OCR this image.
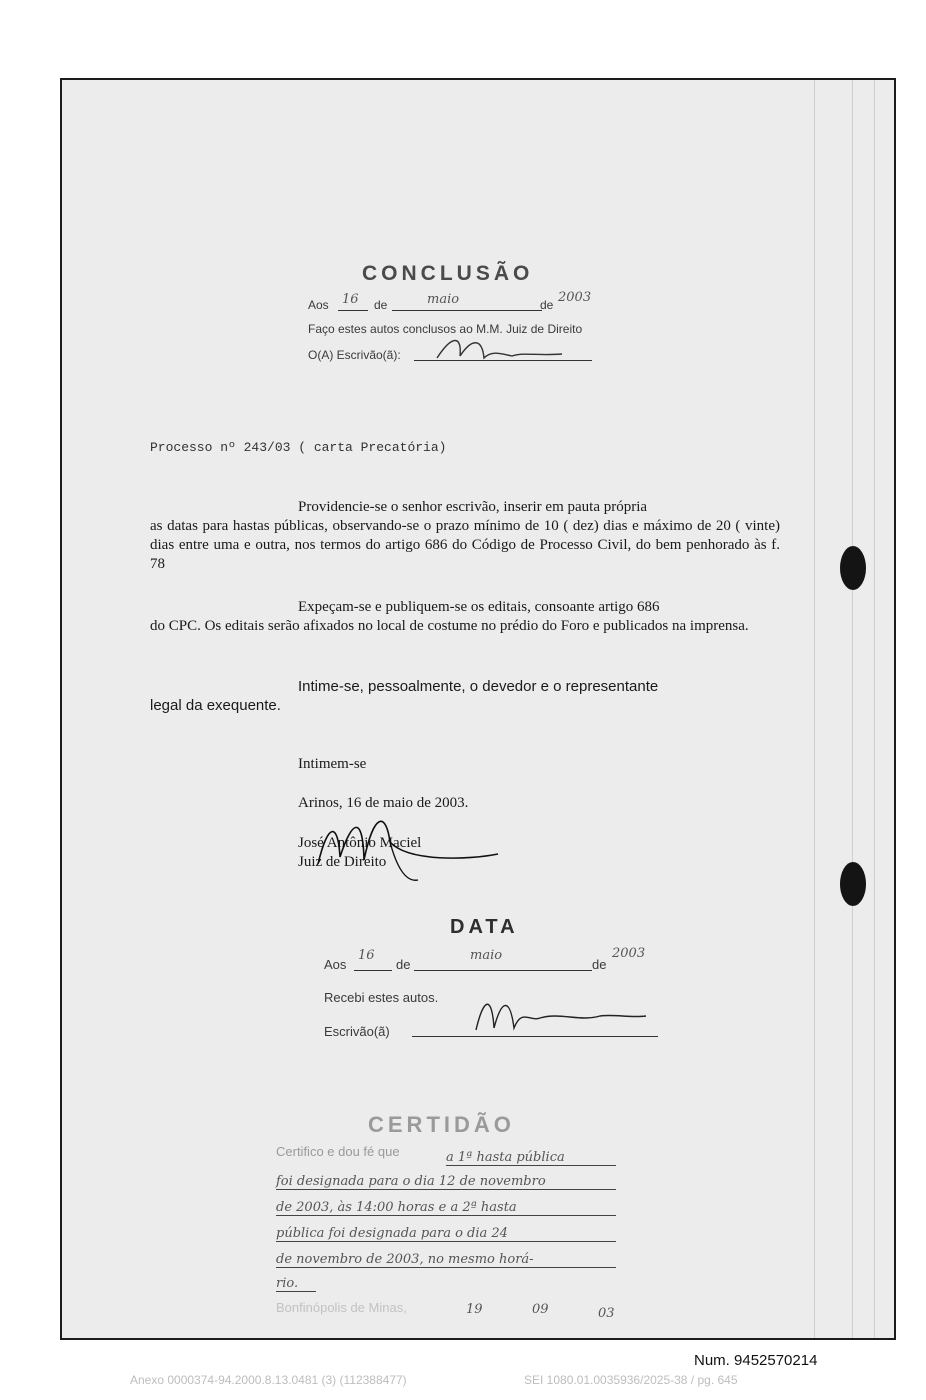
CONCLUSÃO
Aos 16 de	maio	de 2003
Faço estes autos conclusos ao M.M. Juiz de Direito
O(A) Escrivão(ã):
Processo nº 243/03 ( carta Precatória)
Providencie-se o senhor escrivão, inserir em pauta própria
as datas para hastas públicas, observando-se o prazo mínimo de 10 ( dez) dias e máximo de 20 ( vinte) dias entre uma e outra, nos termos do artigo 686 do Código de Processo Civil, do bem penhorado às f. 78
Expeçam-se e publiquem-se os editais, consoante artigo 686
do CPC. Os editais serão afixados no local de costume no prédio do Foro e publicados na imprensa.
Intime-se, pessoalmente, o devedor e o representante
legal da exequente.
Intimem-se
Arinos, 16 de maio de 2003.
José Antônio Maciel
Juiz de Direito
DATA
Aos
16
de
maio
de
2003
Recebi estes autos.
Escrivão(ã)
CERTIDÃO
Certifico e dou fé que	a 1ª hasta pública
foi designada para o dia 12 de novembro
de 2003, às 14:00 horas e a 2ª hasta
pública foi designada para o dia 24
de novembro de 2003, no mesmo horá-
rio.
Bonfinópolis de Minas,	19	09	03
Num. 9452570214
Anexo 0000374-94.2000.8.13.0481 (3) (112388477)	SEI 1080.01.0035936/2025-38 / pg. 645
